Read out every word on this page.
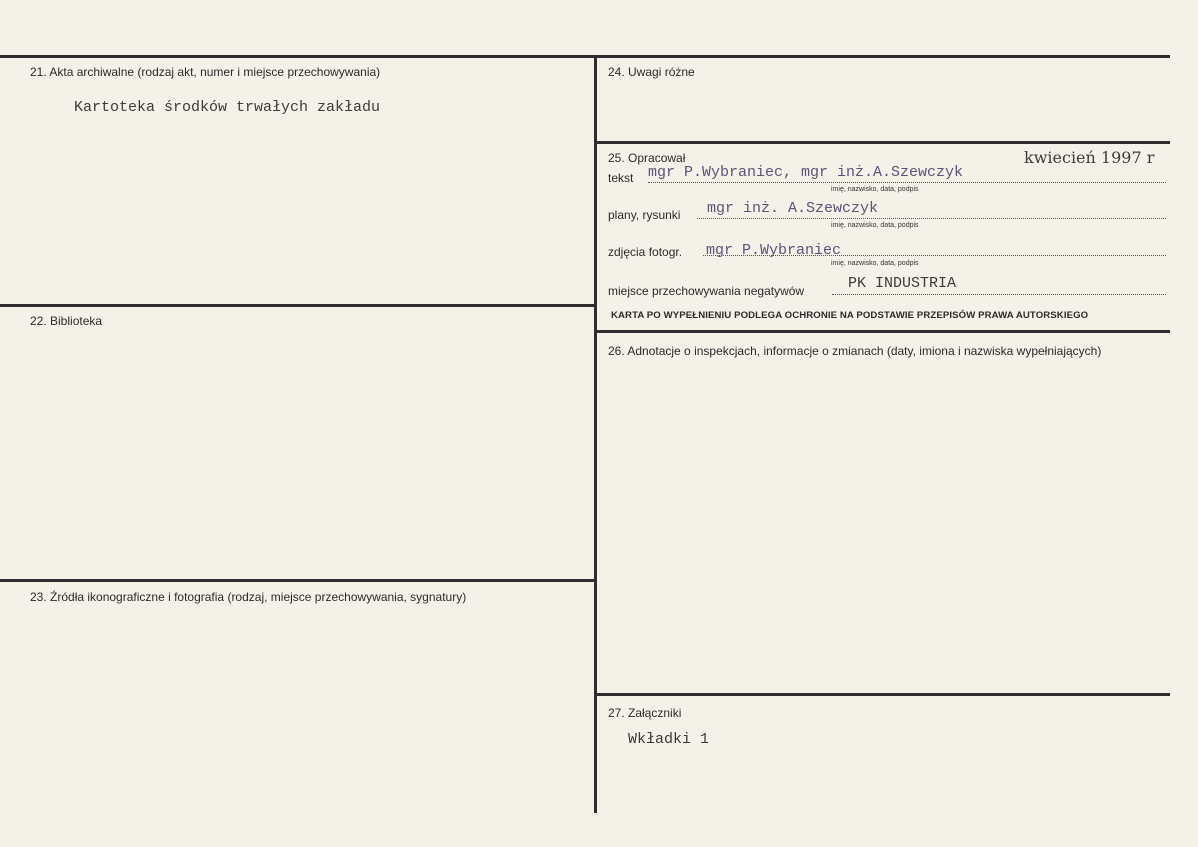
21. Akta archiwalne (rodzaj akt, numer i miejsce przechowywania)
Kartoteka środków trwałych zakładu
22. Biblioteka
23. Źródła ikonograficzne i fotografia (rodzaj, miejsce przechowywania, sygnatury)
24. Uwagi różne
25. Opracował	kwiecień 1997 r
tekst mgr P.Wybraniec, mgr inż.A.Szewczyk
imię, nazwisko, data, podpis
plany, rysunki mgr inż. A.Szewczyk
imię, nazwisko, data, podpis
zdjęcia fotogr. mgr P.Wybraniec
imię, nazwisko, data, podpis
miejsce przechowywania negatywów	PK INDUSTRIA
KARTA PO WYPEŁNIENIU PODLEGA OCHRONIE NA PODSTAWIE PRZEPISÓW PRAWA AUTORSKIEGO
26. Adnotacje o inspekcjach, informacje o zmianach (daty, imiona i nazwiska wypełniających)
27. Załączniki
Wkładki 1
